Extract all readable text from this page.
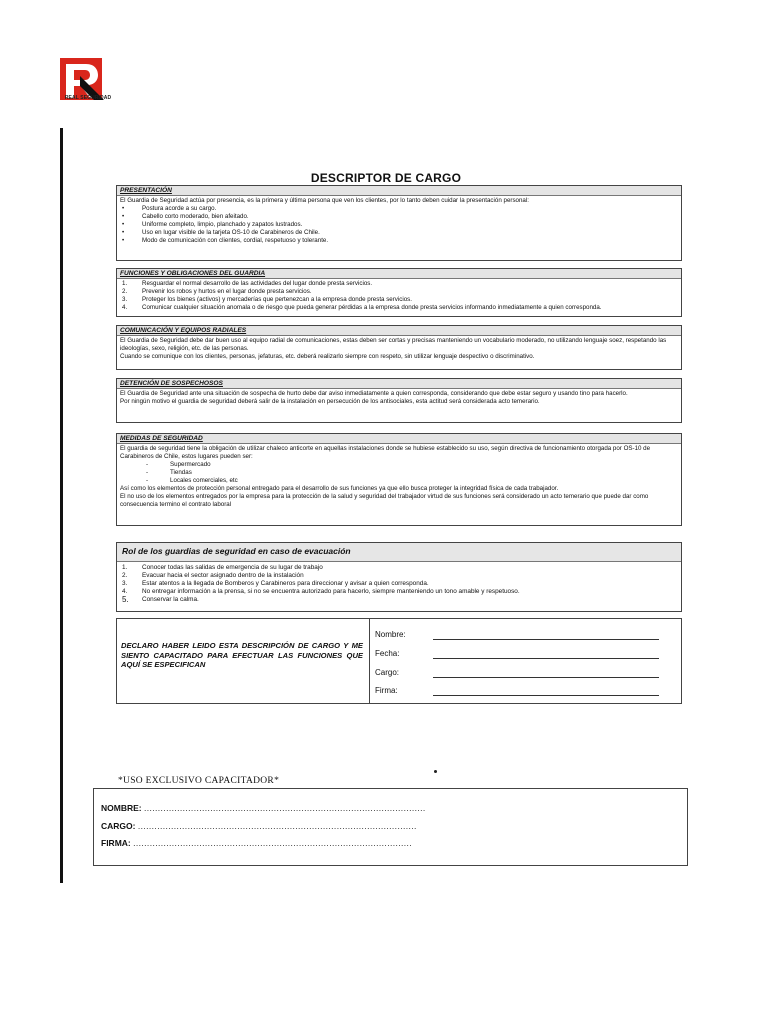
REAL SEGURIDAD
DESCRIPTOR DE CARGO
PRESENTACIÓN

El Guardia de Seguridad actúa por presencia, es la primera y última persona que ven los clientes, por lo tanto deben cuidar la presentación personal:

•	Postura acorde a su cargo.
•	Cabello corto moderado, bien afeitado.
•	Uniforme completo, limpio, planchado y zapatos lustrados.
•	Uso en lugar visible de la tarjeta OS-10 de Carabineros de Chile.
•	Modo de comunicación con clientes, cordial, respetuoso y tolerante.
FUNCIONES Y OBLIGACIONES DEL GUARDIA
1.	Resguardar el normal desarrollo de las actividades del lugar donde presta servicios.
2.	Prevenir los robos y hurtos en el lugar donde presta servicios.
3.	Proteger los bienes (activos) y mercaderías que pertenezcan a la empresa donde presta servicios.
4.	Comunicar cualquier situación anomala o de riesgo que pueda generar pérdidas a la empresa donde presta servicios informando inmediatamente a quien corresponda.
COMUNICACIÓN Y EQUIPOS RADIALES

El Guardia de Seguridad debe dar buen uso al equipo radial de comunicaciones, estas deben ser cortas y precisas manteniendo un vocabulario moderado, no utilizando lenguaje soez, respetando las ideologías, sexo, religión, etc. de las personas.

Cuando se comunique con los clientes, personas, jefaturas, etc. deberá realizarlo siempre con respeto, sin utilizar lenguaje despectivo o discriminativo.

DETENCIÓN DE SOSPECHOSOS

El Guardia de Seguridad ante una situación de sospecha de hurto debe dar aviso inmediatamente a quien corresponda, considerando que debe estar seguro y usando tino para hacerlo.

Por ningún motivo el guardia de seguridad deberá salir de la instalación en persecución de los antisociales, esta actitud será considerada acto temerario.

MEDIDAS DE SEGURIDAD

El guardia de seguridad tiene la obligación de utilizar chaleco anticorte en aquellas instalaciones donde se hubiese establecido su uso, según directiva de funcionamiento otorgada por OS-10 de Carabineros de Chile, estos lugares pueden ser:

-	Supermercado
-	Tiendas
-	Locales comerciales, etc

Así como los elementos de protección personal entregado para el desarrollo de sus funciones ya que ello busca proteger la integridad física de cada trabajador.

El no uso de los elementos entregados por la empresa para la protección de la salud y seguridad del trabajador virtud de sus funciones será considerado un acto temerario que puede dar como consecuencia termino el contrato laboral

Rol de los guardias de seguridad en caso de evacuación
1.	Conocer todas las salidas de emergencia de su lugar de trabajo
2.	Evacuar hacia el sector asignado dentro de la instalación
3.	Estar atentos a la llegada de Bomberos y Carabineros para direccionar y avisar a quien corresponda.
4.	No entregar información a la prensa, si no se encuentra autorizado para hacerlo, siempre manteniendo un tono amable y respetuoso.
5.	Conservar la calma.
DECLARO HABER LEIDO ESTA DESCRIPCIÓN DE CARGO Y ME SIENTO CAPACITADO PARA EFECTUAR LAS FUNCIONES QUE AQUÍ SE ESPECIFICAN
Nombre:
Fecha:
Cargo:
Firma:
*USO EXCLUSIVO CAPACITADOR*
NOMBRE: ......................................................................................................
CARGO: .....................................................................................................
FIRMA: .....................................................................................................
